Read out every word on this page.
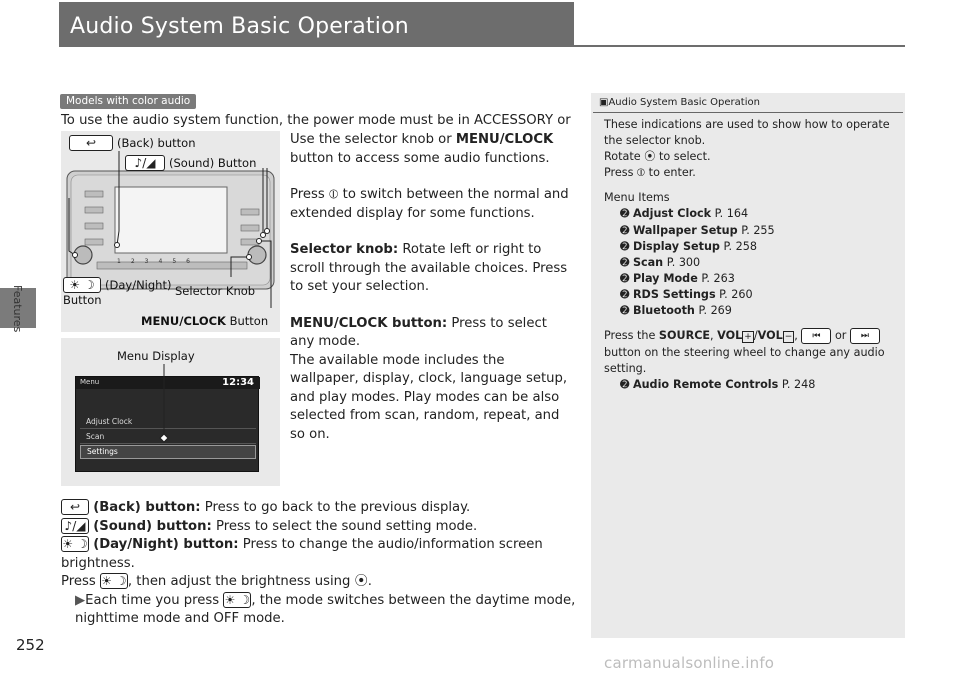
Features
Audio System Basic Operation
Models with color audio
To use the audio system function, the power mode must be in ACCESSORY or
1 2 3 4 5 6
↩	(Back) button
♪/◢	(Sound) Button
☀ ☽ (Day/Night)
Button
Selector Knob
MENU/CLOCK Button
Menu Display
Menu	12:34
Adjust Clock
Scan
Settings

Use the selector knob or MENU/CLOCK button to access some audio functions.

Press ⦶ to switch between the normal and extended display for some functions.

Selector knob: Rotate left or right to scroll through the available choices. Press to set your selection.

MENU/CLOCK button: Press to select any mode.
The available mode includes the wallpaper, display, clock, language setup, and play modes. Play modes can be also selected from scan, random, repeat, and so on.

↩ (Back) button: Press to go back to the previous display.
♪/◢ (Sound) button: Press to select the sound setting mode.
☀ ☽ (Day/Night) button: Press to change the audio/information screen brightness.
Press ☀ ☽, then adjust the brightness using ⦿.
▶Each time you press ☀ ☽, the mode switches between the daytime mode, nighttime mode and OFF mode.
▣Audio System Basic Operation
These indications are used to show how to operate the selector knob.
Rotate ⦿ to select.
Press ⦶ to enter.
Menu Items
➋ Adjust Clock P. 164
➋ Wallpaper Setup P. 255
➋ Display Setup P. 258
➋ Scan P. 300
➋ Play Mode P. 263
➋ RDS Settings P. 260
➋ Bluetooth P. 269
Press the SOURCE, VOL + /VOL − , ⏮ or ⏭
button on the steering wheel to change any audio setting.
➋ Audio Remote Controls P. 248
252
carmanualsonline.info
